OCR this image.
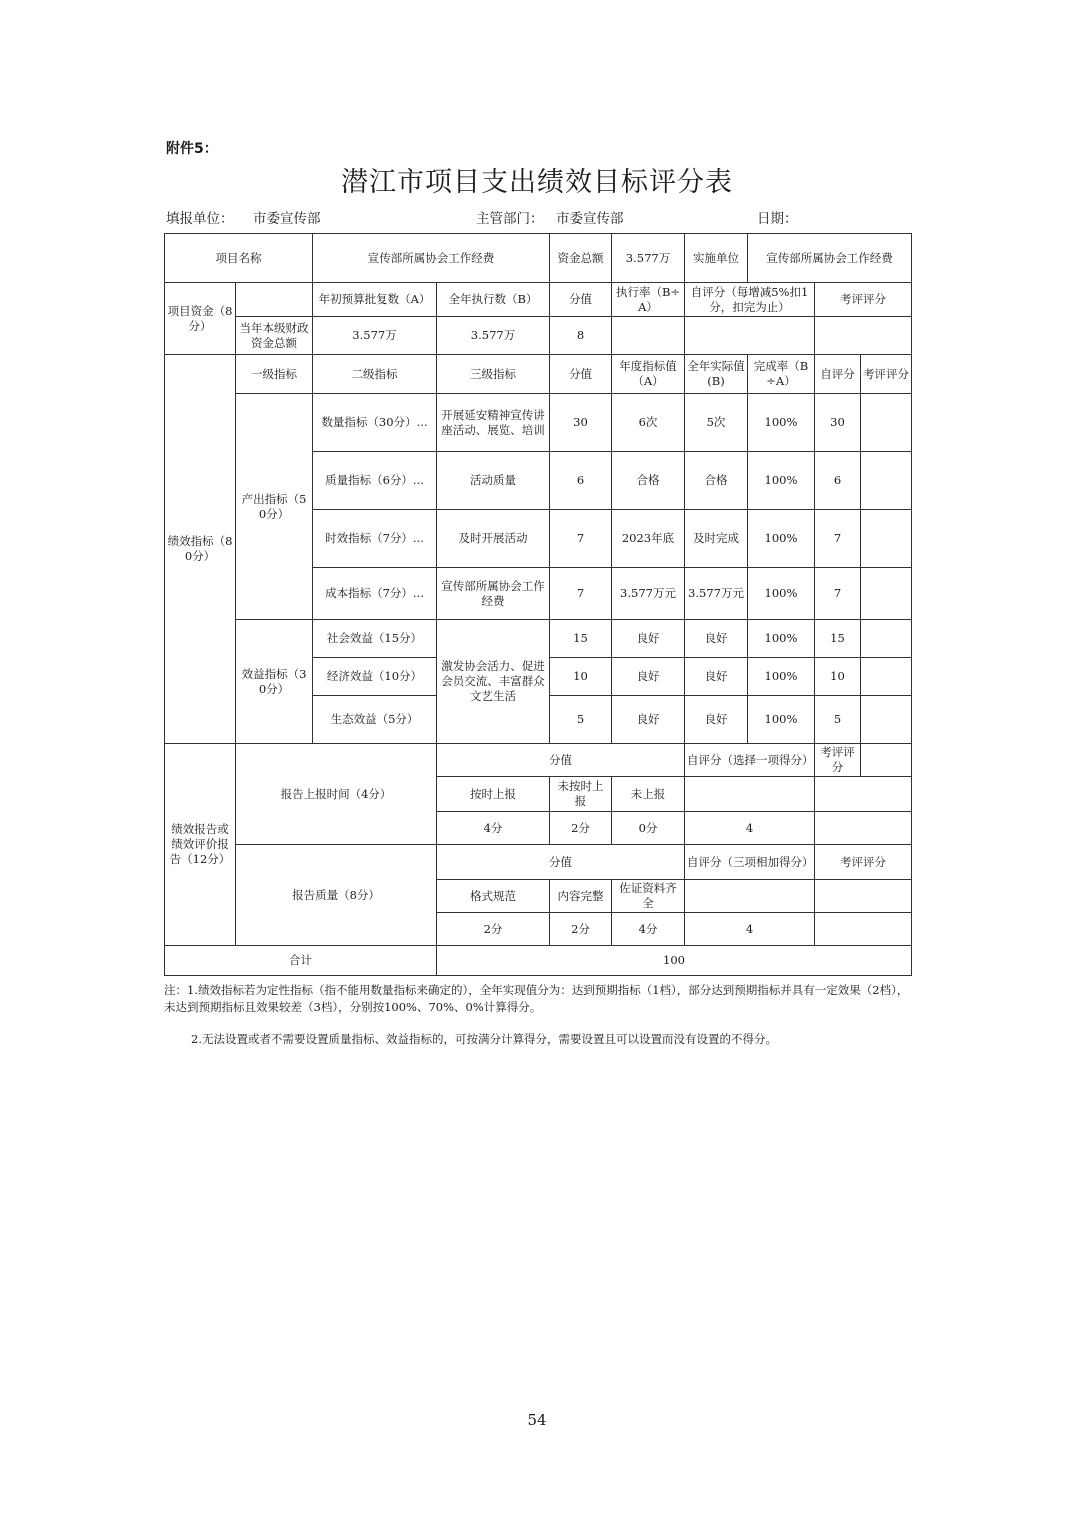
附件5：
潜江市项目支出绩效目标评分表
填报单位： 市委宣传部	主管部门： 市委宣传部	日期：
项目名称		宣传部所属协会工作经费		资金总额	3.577万	实施单位	宣传部所属协会工作经费		
项目资金（8分）		年初预算批复数（A）	全年执行数（B）	分值	执行率（B÷A）	自评分（每增减5%扣1分，扣完为止）		考评评分	
	当年本级财政资金总额	3.577万	3.577万	8					
绩效指标（80分）	一级指标	二级指标	三级指标	分值	年度指标值（A）	全年实际值(B)	完成率（B÷A）	自评分	考评评分
	产出指标（50分）	数量指标（30分）...	开展延安精神宣传讲座活动、展览、培训	30	6次	5次	100%	30	
		质量指标（6分）...	活动质量	6	合格	合格	100%	6	
		时效指标（7分）...	及时开展活动	7	2023年底	及时完成	100%	7	
		成本指标（7分）...	宣传部所属协会工作经费	7	3.577万元	3.577万元	100%	7	
	效益指标（30分）	社会效益（15分）	激发协会活力、促进会员交流、丰富群众文艺生活	15	良好	良好	100%	15	
		经济效益（10分）		10	良好	良好	100%	10	
		生态效益（5分）		5	良好	良好	100%	5	
绩效报告或绩效评价报告（12分）	报告上报时间（4分）		分值			自评分（选择一项得分）		考评评分	
			按时上报	未按时上报	未上报				
			4分	2分	0分	4			
	报告质量（8分）		分值			自评分（三项相加得分）		考评评分	
			格式规范	内容完整	佐证资料齐全				
			2分	2分	4分	4			
合计			100						
注：1.绩效指标若为定性指标（指不能用数量指标来确定的），全年实现值分为：达到预期指标（1档），部分达到预期指标并具有一定效果（2档），未达到预期指标且效果较差（3档），分别按100%、70%、0%计算得分。
2.无法设置或者不需要设置质量指标、效益指标的，可按满分计算得分，需要设置且可以设置而没有设置的不得分。
54
